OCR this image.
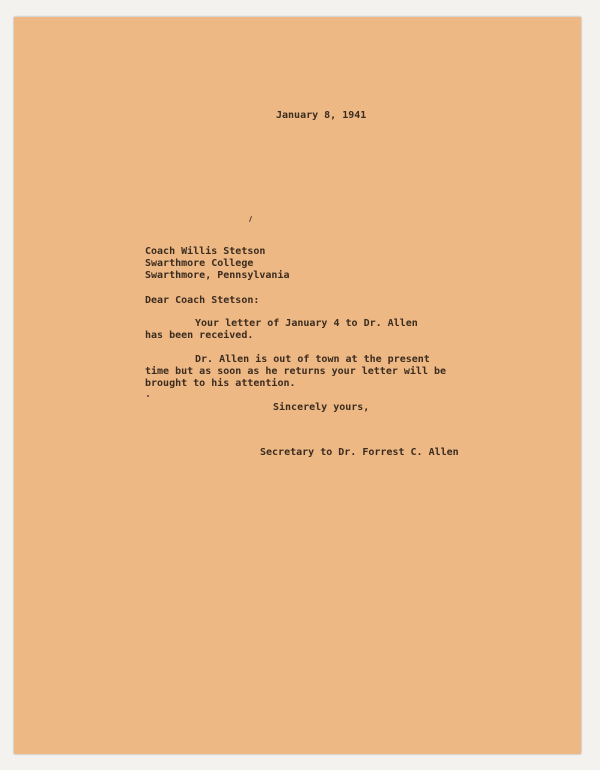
January 8, 1941
Coach Willis Stetson
Swarthmore College
Swarthmore, Pennsylvania
Dear Coach Stetson:
Your letter of January 4 to Dr. Allen
has been received.
Dr. Allen is out of town at the present
time but as soon as he returns your letter will be
brought to his attention.
Sincerely yours,
Secretary to Dr. Forrest C. Allen
